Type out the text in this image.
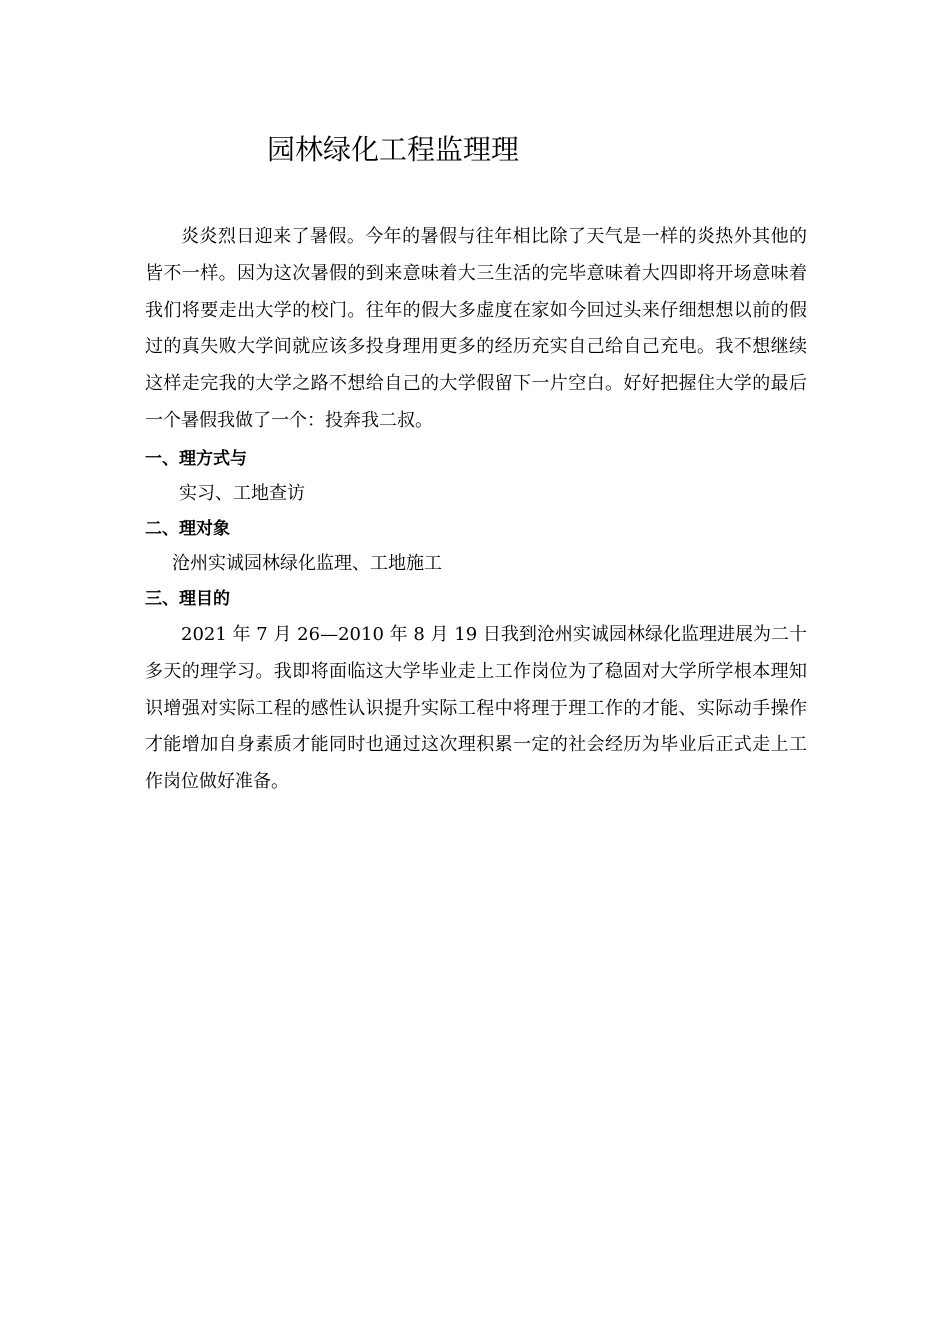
园林绿化工程监理理
炎炎烈日迎来了暑假。今年的暑假与往年相比除了天气是一样的炎热外其他的皆不一样。因为这次暑假的到来意味着大三生活的完毕意味着大四即将开场意味着我们将要走出大学的校门。往年的假大多虚度在家如今回过头来仔细想想以前的假过的真失败大学间就应该多投身理用更多的经历充实自己给自己充电。我不想继续这样走完我的大学之路不想给自己的大学假留下一片空白。好好把握住大学的最后一个暑假我做了一个：投奔我二叔。
一、理方式与
实习、工地查访
二、理对象
沧州实诚园林绿化监理、工地施工
三、理目的
2021 年 7 月 26—2010 年 8 月 19 日我到沧州实诚园林绿化监理进展为二十多天的理学习。我即将面临这大学毕业走上工作岗位为了稳固对大学所学根本理知识增强对实际工程的感性认识提升实际工程中将理于理工作的才能、实际动手操作才能增加自身素质才能同时也通过这次理积累一定的社会经历为毕业后正式走上工作岗位做好准备。
